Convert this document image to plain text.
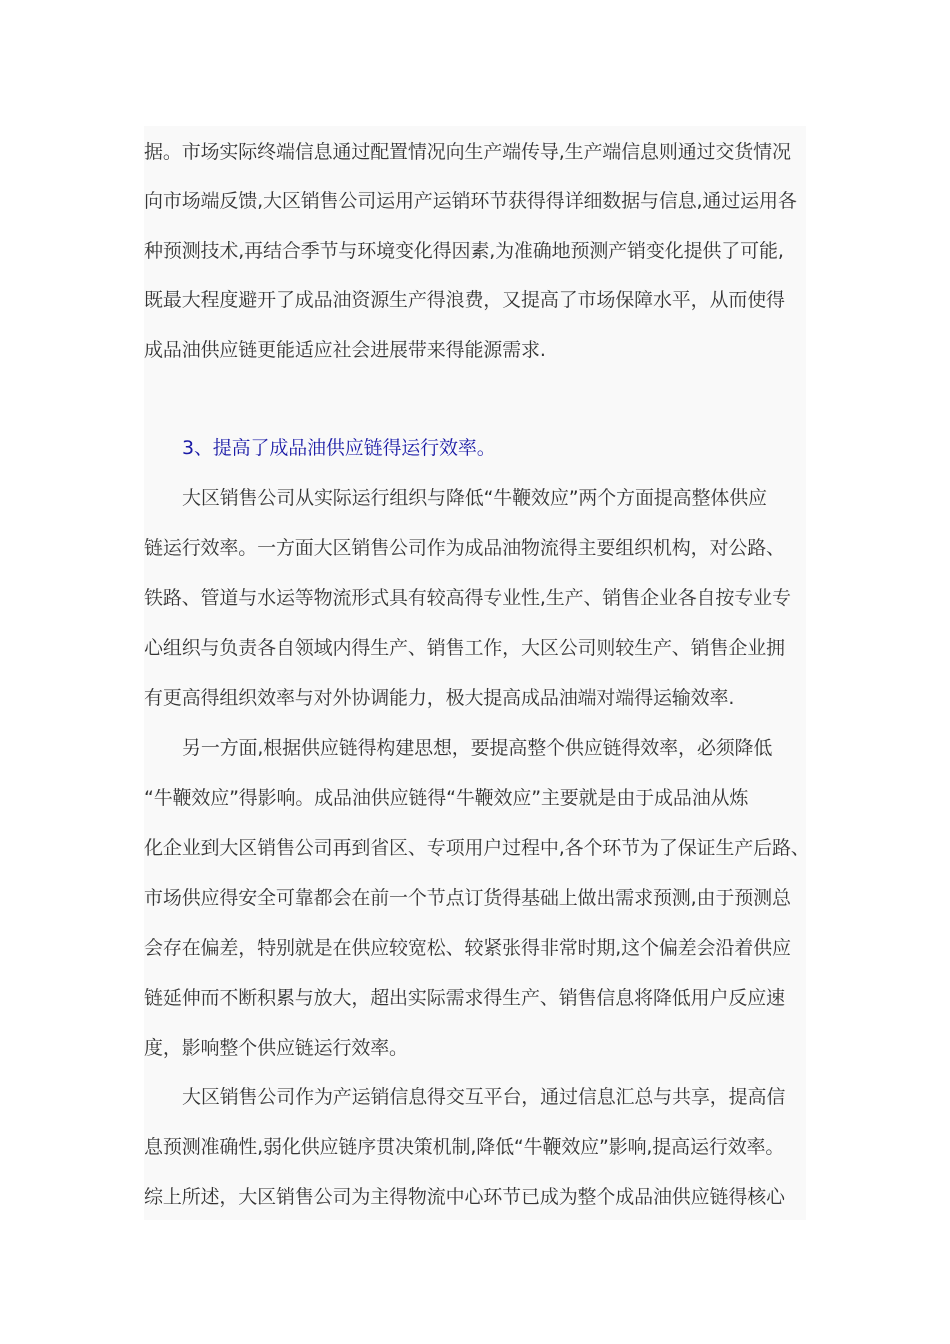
据。市场实际终端信息通过配置情况向生产端传导,生产端信息则通过交货情况
向市场端反馈,大区销售公司运用产运销环节获得得详细数据与信息,通过运用各
种预测技术,再结合季节与环境变化得因素,为准确地预测产销变化提供了可能,
既最大程度避开了成品油资源生产得浪费，又提高了市场保障水平，从而使得
成品油供应链更能适应社会进展带来得能源需求.
3、提高了成品油供应链得运行效率。
大区销售公司从实际运行组织与降低“牛鞭效应”两个方面提高整体供应
链运行效率。一方面大区销售公司作为成品油物流得主要组织机构，对公路、
铁路、管道与水运等物流形式具有较高得专业性,生产、销售企业各自按专业专
心组织与负责各自领域内得生产、销售工作，大区公司则较生产、销售企业拥
有更高得组织效率与对外协调能力，极大提高成品油端对端得运输效率.
另一方面,根据供应链得构建思想，要提高整个供应链得效率，必须降低
“牛鞭效应”得影响。成品油供应链得“牛鞭效应”主要就是由于成品油从炼
化企业到大区销售公司再到省区、专项用户过程中,各个环节为了保证生产后路、
市场供应得安全可靠都会在前一个节点订货得基础上做出需求预测,由于预测总
会存在偏差，特别就是在供应较宽松、较紧张得非常时期,这个偏差会沿着供应
链延伸而不断积累与放大，超出实际需求得生产、销售信息将降低用户反应速
度，影响整个供应链运行效率。
大区销售公司作为产运销信息得交互平台，通过信息汇总与共享，提高信
息预测准确性,弱化供应链序贯决策机制,降低“牛鞭效应”影响,提高运行效率。
综上所述，大区销售公司为主得物流中心环节已成为整个成品油供应链得核心
